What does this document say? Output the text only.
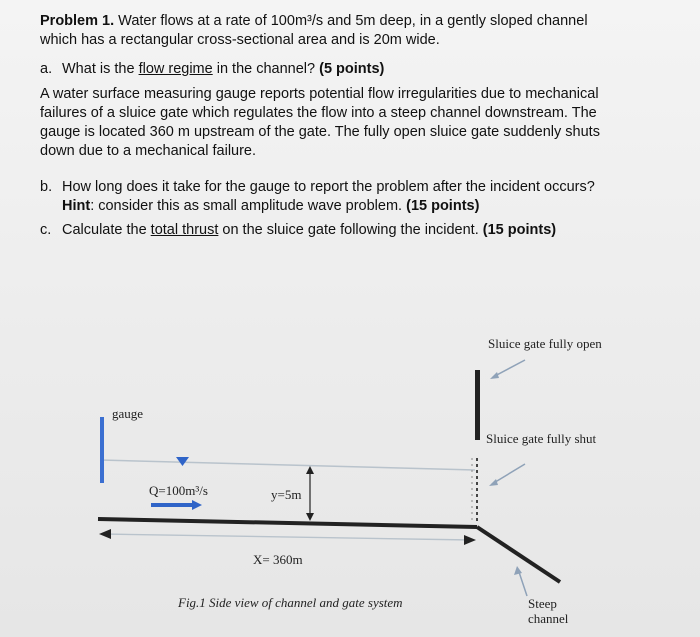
Problem 1. Water flows at a rate of 100m³/s and 5m deep, in a gently sloped channel
which has a rectangular cross-sectional area and is 20m wide.
a. What is the flow regime in the channel? (5 points)
A water surface measuring gauge reports potential flow irregularities due to mechanical
failures of a sluice gate which regulates the flow into a steep channel downstream. The
gauge is located 360 m upstream of the gate. The fully open sluice gate suddenly shuts
down due to a mechanical failure.
b. How long does it take for the gauge to report the problem after the incident occurs?
Hint: consider this as small amplitude wave problem. (15 points)
c. Calculate the total thrust on the sluice gate following the incident. (15 points)
gauge
Q=100m³/s	y=5m
X= 360m
Sluice gate fully open
Sluice gate fully shut
Steep
channel
Fig.1 Side view of channel and gate system
